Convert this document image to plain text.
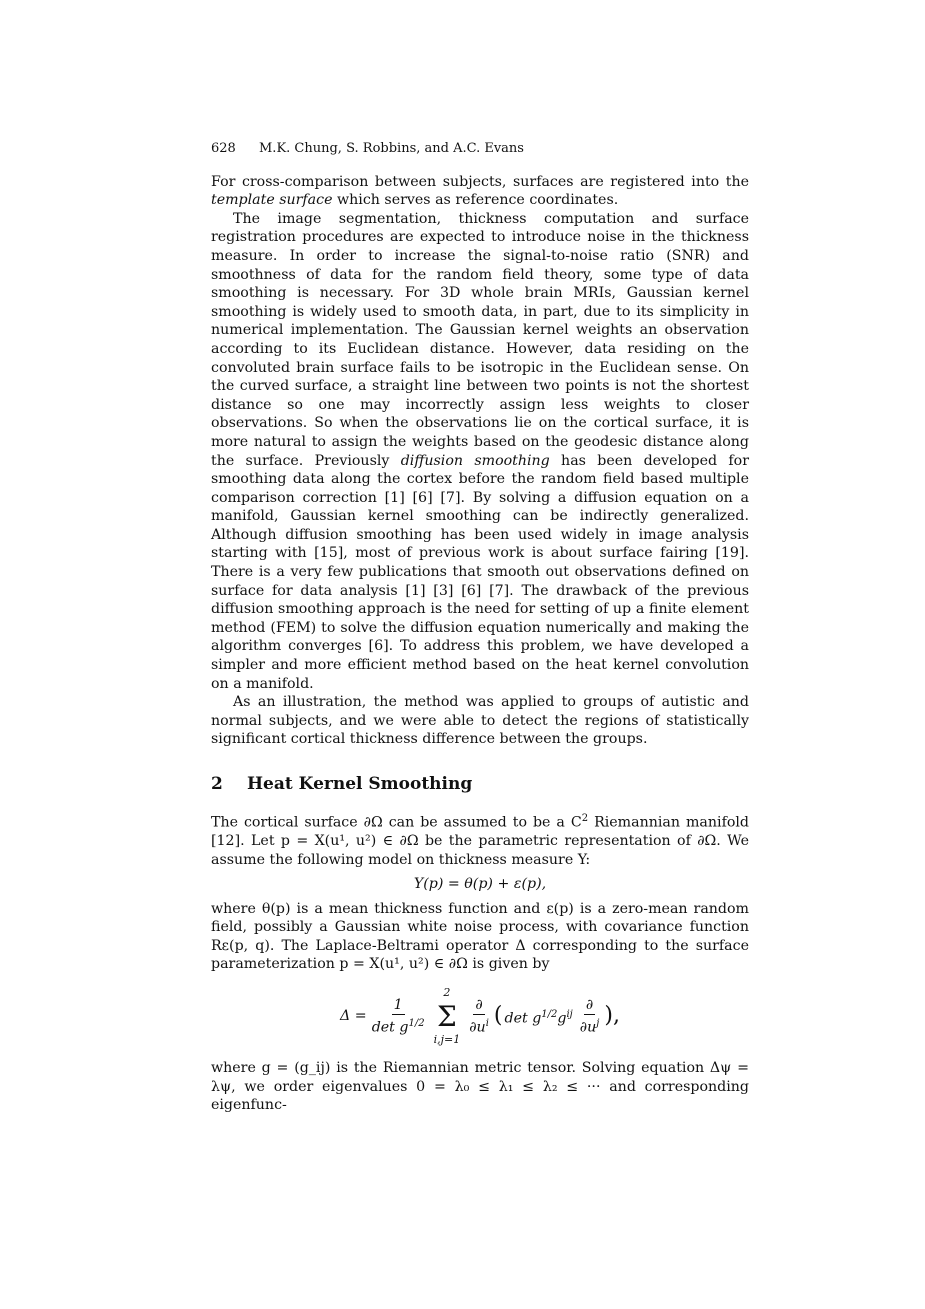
628	M.K. Chung, S. Robbins, and A.C. Evans

For cross-comparison between subjects, surfaces are registered into the template surface which serves as reference coordinates.

The image segmentation, thickness computation and surface registration procedures are expected to introduce noise in the thickness measure. In order to increase the signal-to-noise ratio (SNR) and smoothness of data for the random field theory, some type of data smoothing is necessary. For 3D whole brain MRIs, Gaussian kernel smoothing is widely used to smooth data, in part, due to its simplicity in numerical implementation. The Gaussian kernel weights an observation according to its Euclidean distance. However, data residing on the convoluted brain surface fails to be isotropic in the Euclidean sense. On the curved surface, a straight line between two points is not the shortest distance so one may incorrectly assign less weights to closer observations. So when the observations lie on the cortical surface, it is more natural to assign the weights based on the geodesic distance along the surface. Previously diffusion smoothing has been developed for smoothing data along the cortex before the random field based multiple comparison correction [1] [6] [7]. By solving a diffusion equation on a manifold, Gaussian kernel smoothing can be indirectly generalized. Although diffusion smoothing has been used widely in image analysis starting with [15], most of previous work is about surface fairing [19]. There is a very few publications that smooth out observations defined on surface for data analysis [1] [3] [6] [7]. The drawback of the previous diffusion smoothing approach is the need for setting of up a finite element method (FEM) to solve the diffusion equation numerically and making the algorithm converges [6]. To address this problem, we have developed a simpler and more efficient method based on the heat kernel convolution on a manifold.

As an illustration, the method was applied to groups of autistic and normal subjects, and we were able to detect the regions of statistically significant cortical thickness difference between the groups.

2	Heat Kernel Smoothing

The cortical surface ∂Ω can be assumed to be a $C^2$ Riemannian manifold [12]. Let p = X(u¹, u²) ∈ ∂Ω be the parametric representation of ∂Ω. We assume the following model on thickness measure Y:

Y(p) = θ(p) + ε(p),

where θ(p) is a mean thickness function and ε(p) is a zero-mean random field, possibly a Gaussian white noise process, with covariance function Rε(p, q). The Laplace-Beltrami operator Δ corresponding to the surface parameterization p = X(u¹, u²) ∈ ∂Ω is given by

$\Delta = \frac{1}{\det g^{1/2}}$
2
Σ
i,j=1
$\frac{\partial}{\partial u^i}$ ( $\det g^{1/2}g^{ij} \frac{\partial}{\partial u^j}$ ),

where g = (g_ij) is the Riemannian metric tensor. Solving equation Δψ = λψ, we order eigenvalues 0 = λ₀ ≤ λ₁ ≤ λ₂ ≤ ··· and corresponding eigenfunc-
